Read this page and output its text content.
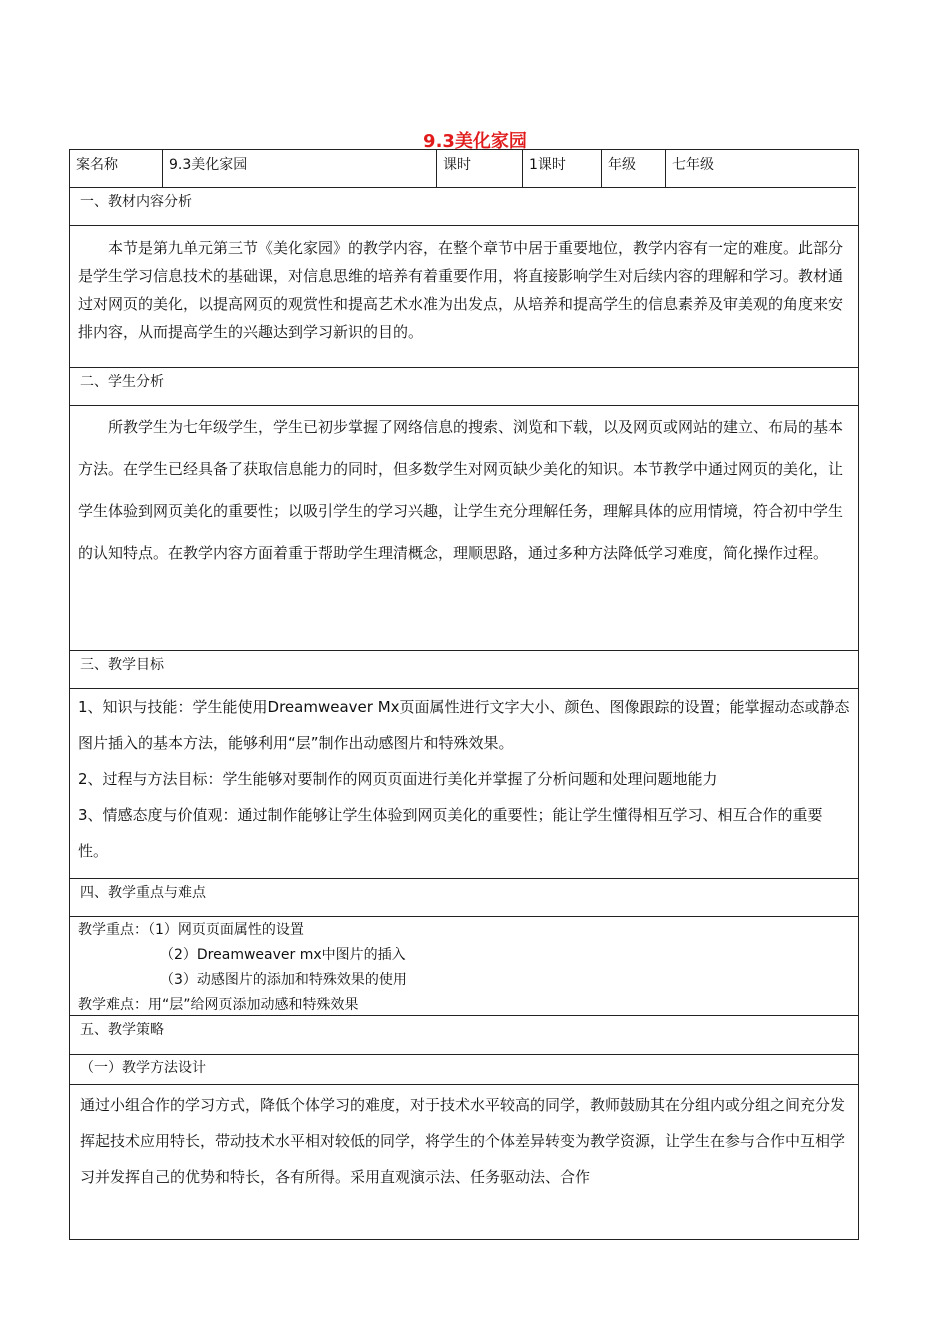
9.3美化家园
案名称	9.3美化家园	课时	1课时	年级	七年级
一、教材内容分析

本节是第九单元第三节《美化家园》的教学内容，在整个章节中居于重要地位，教学内容有一定的难度。此部分是学生学习信息技术的基础课，对信息思维的培养有着重要作用，将直接影响学生对后续内容的理解和学习。教材通过对网页的美化，以提高网页的观赏性和提高艺术水准为出发点，从培养和提高学生的信息素养及审美观的角度来安排内容，从而提高学生的兴趣达到学习新识的目的。

二、学生分析

所教学生为七年级学生，学生已初步掌握了网络信息的搜索、浏览和下载，以及网页或网站的建立、布局的基本方法。在学生已经具备了获取信息能力的同时，但多数学生对网页缺少美化的知识。本节教学中通过网页的美化，让学生体验到网页美化的重要性；以吸引学生的学习兴趣，让学生充分理解任务，理解具体的应用情境，符合初中学生的认知特点。在教学内容方面着重于帮助学生理清概念，理顺思路，通过多种方法降低学习难度，简化操作过程。

三、教学目标

1、知识与技能：学生能使用Dreamweaver Mx页面属性进行文字大小、颜色、图像跟踪的设置；能掌握动态或静态图片插入的基本方法，能够利用“层”制作出动感图片和特殊效果。

2、过程与方法目标：学生能够对要制作的网页页面进行美化并掌握了分析问题和处理问题地能力

3、情感态度与价值观：通过制作能够让学生体验到网页美化的重要性；能让学生懂得相互学习、相互合作的重要性。

四、教学重点与难点

教学重点：（1）网页页面属性的设置

（2）Dreamweaver mx中图片的插入

（3）动感图片的添加和特殊效果的使用

教学难点：用“层”给网页添加动感和特殊效果

五、教学策略
（一）教学方法设计

通过小组合作的学习方式，降低个体学习的难度，对于技术水平较高的同学，教师鼓励其在分组内或分组之间充分发挥起技术应用特长，带动技术水平相对较低的同学，将学生的个体差异转变为教学资源，让学生在参与合作中互相学习并发挥自己的优势和特长，各有所得。采用直观演示法、任务驱动法、合作
